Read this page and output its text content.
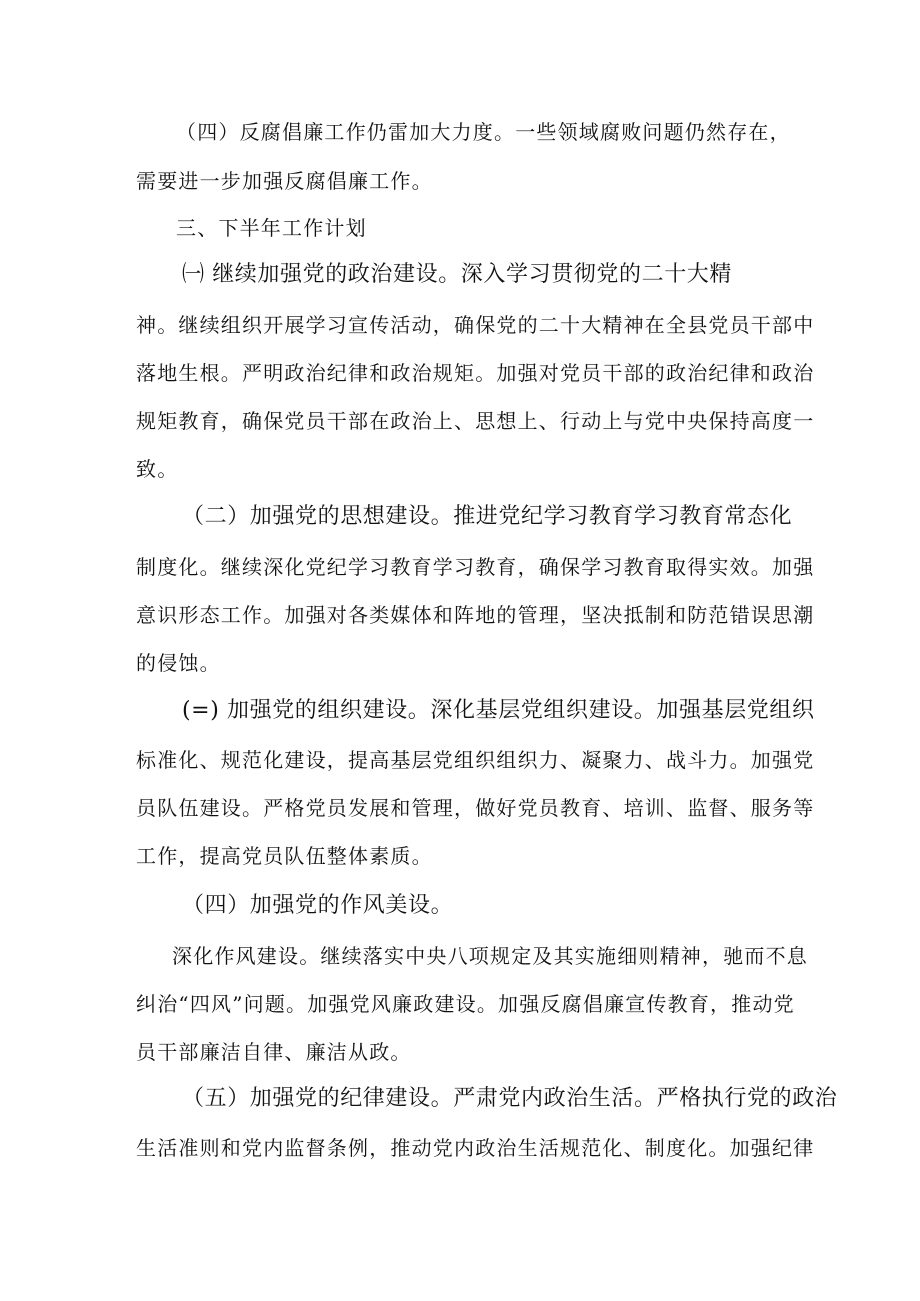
（四）反腐倡廉工作仍雷加大力度。一些领域腐败问题仍然存在，
需要进一步加强反腐倡廉工作。
三、下半年工作计划
㈠ 继续加强党的政治建设。深入学习贯彻党的二十大精
神。继续组织开展学习宣传活动，确保党的二十大精神在全县党员干部中
落地生根。严明政治纪律和政治规矩。加强对党员干部的政治纪律和政治
规矩教育，确保党员干部在政治上、思想上、行动上与党中央保持高度一
致。
（二）加强党的思想建设。推进党纪学习教育学习教育常态化
制度化。继续深化党纪学习教育学习教育，确保学习教育取得实效。加强
意识形态工作。加强对各类媒体和阵地的管理，坚决抵制和防范错误思潮
的侵蚀。
(=) 加强党的组织建设。深化基层党组织建设。加强基层党组织
标准化、规范化建设，提高基层党组织组织力、凝聚力、战斗力。加强党
员队伍建设。严格党员发展和管理，做好党员教育、培训、监督、服务等
工作，提高党员队伍整体素质。
（四）加强党的作风美设。
深化作风建设。继续落实中央八项规定及其实施细则精神，驰而不息
纠治“四风”问题。加强党风廉政建设。加强反腐倡廉宣传教育，推动党
员干部廉洁自律、廉洁从政。
（五）加强党的纪律建设。严肃党内政治生活。严格执行党的政治
生活准则和党内监督条例，推动党内政治生活规范化、制度化。加强纪律
